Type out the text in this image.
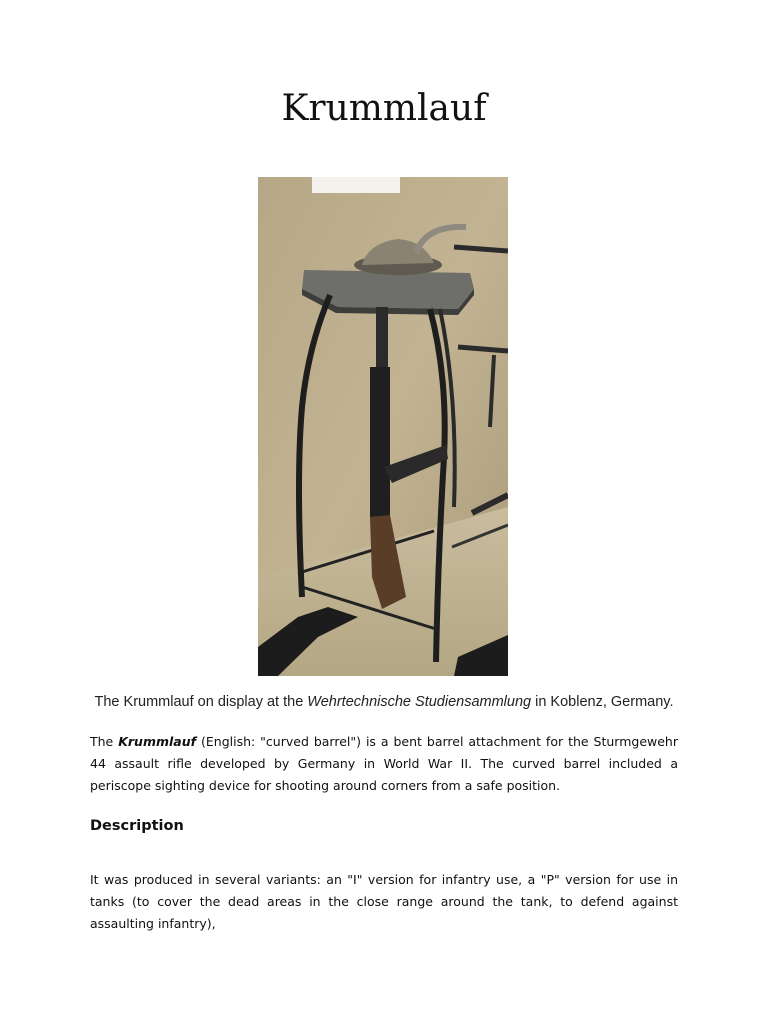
Krummlauf

The Krummlauf on display at the Wehrtechnische Studiensammlung in Koblenz, Germany.

The Krummlauf (English: "curved barrel") is a bent barrel attachment for the Sturmgewehr 44 assault rifle developed by Germany in World War II. The curved barrel included a periscope sighting device for shooting around corners from a safe position.

Description

It was produced in several variants: an "I" version for infantry use, a "P" version for use in tanks (to cover the dead areas in the close range around the tank, to defend against assaulting infantry),
